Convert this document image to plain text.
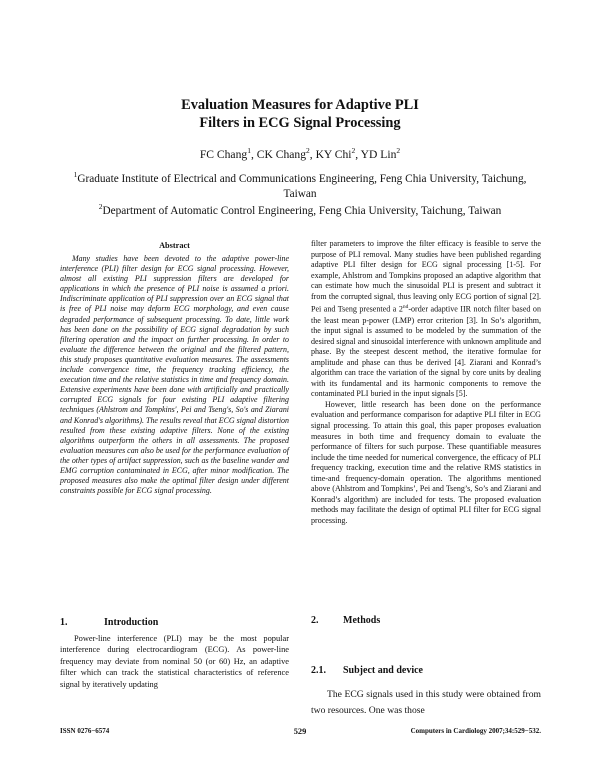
Evaluation Measures for Adaptive PLI
Filters in ECG Signal Processing
FC Chang$^1$, CK Chang$^2$, KY Chi$^2$, YD Lin$^2$
$^1$Graduate Institute of Electrical and Communications Engineering, Feng Chia University, Taichung,
Taiwan
$^2$Department of Automatic Control Engineering, Feng Chia University, Taichung, Taiwan
Abstract

Many studies have been devoted to the adaptive power-line interference (PLI) filter design for ECG signal processing. However, almost all existing PLI suppression filters are developed for applications in which the presence of PLI noise is assumed a priori. Indiscriminate application of PLI suppression over an ECG signal that is free of PLI noise may deform ECG morphology, and even cause degraded performance of subsequent processing. To date, little work has been done on the possibility of ECG signal degradation by such filtering operation and the impact on further processing. In order to evaluate the difference between the original and the filtered pattern, this study proposes quantitative evaluation measures. The assessments include convergence time, the frequency tracking efficiency, the execution time and the relative statistics in time and frequency domain. Extensive experiments have been done with artificially and practically corrupted ECG signals for four existing PLI adaptive filtering techniques (Ahlstrom and Tompkins', Pei and Tseng's, So's and Ziarani and Konrad's algorithms). The results reveal that ECG signal distortion resulted from these existing adaptive filters. None of the existing algorithms outperform the others in all assessments. The proposed evaluation measures can also be used for the performance evaluation of the other types of artifact suppression, such as the baseline wander and EMG corruption contaminated in ECG, after minor modification. The proposed measures also make the optimal filter design under different constraints possible for ECG signal processing.

filter parameters to improve the filter efficacy is feasible to serve the purpose of PLI removal. Many studies have been published regarding adaptive PLI filter design for ECG signal processing [1-5]. For example, Ahlstrom and Tompkins proposed an adaptive algorithm that can estimate how much the sinusoidal PLI is present and subtract it from the corrupted signal, thus leaving only ECG portion of signal [2]. Pei and Tseng presented a 2nd-order adaptive IIR notch filter based on the least mean p-power (LMP) error criterion [3]. In So’s algorithm, the input signal is assumed to be modeled by the summation of the desired signal and sinusoidal interference with unknown amplitude and phase. By the steepest descent method, the iterative formulae for amplitude and phase can thus be derived [4]. Ziarani and Konrad’s algorithm can trace the variation of the signal by core units by dealing with its fundamental and its harmonic components to remove the contaminated PLI buried in the input signals [5].

However, little research has been done on the performance evaluation and performance comparison for adaptive PLI filter in ECG signal processing. To attain this goal, this paper proposes evaluation measures in both time and frequency domain to evaluate the performance of filters for such purpose. These quantifiable measures include the time needed for numerical convergence, the efficacy of PLI frequency tracking, execution time and the relative RMS statistics in time-and frequency-domain operation. The algorithms mentioned above (Ahlstrom and Tompkins’, Pei and Tseng’s, So’s and Ziarani and Konrad’s algorithm) are included for tests. The proposed evaluation methods may facilitate the design of optimal PLI filter for ECG signal processing.

1.	Introduction

Power-line interference (PLI) may be the most popular interference during electrocardiogram (ECG). As power-line frequency may deviate from nominal 50 (or 60) Hz, an adaptive filter which can track the statistical characteristics of reference signal by iteratively updating

2. Methods
2.1. Subject and device

The ECG signals used in this study were obtained from two resources. One was those

ISSN 0276−6574	529	Computers in Cardiology 2007;34:529−532.
